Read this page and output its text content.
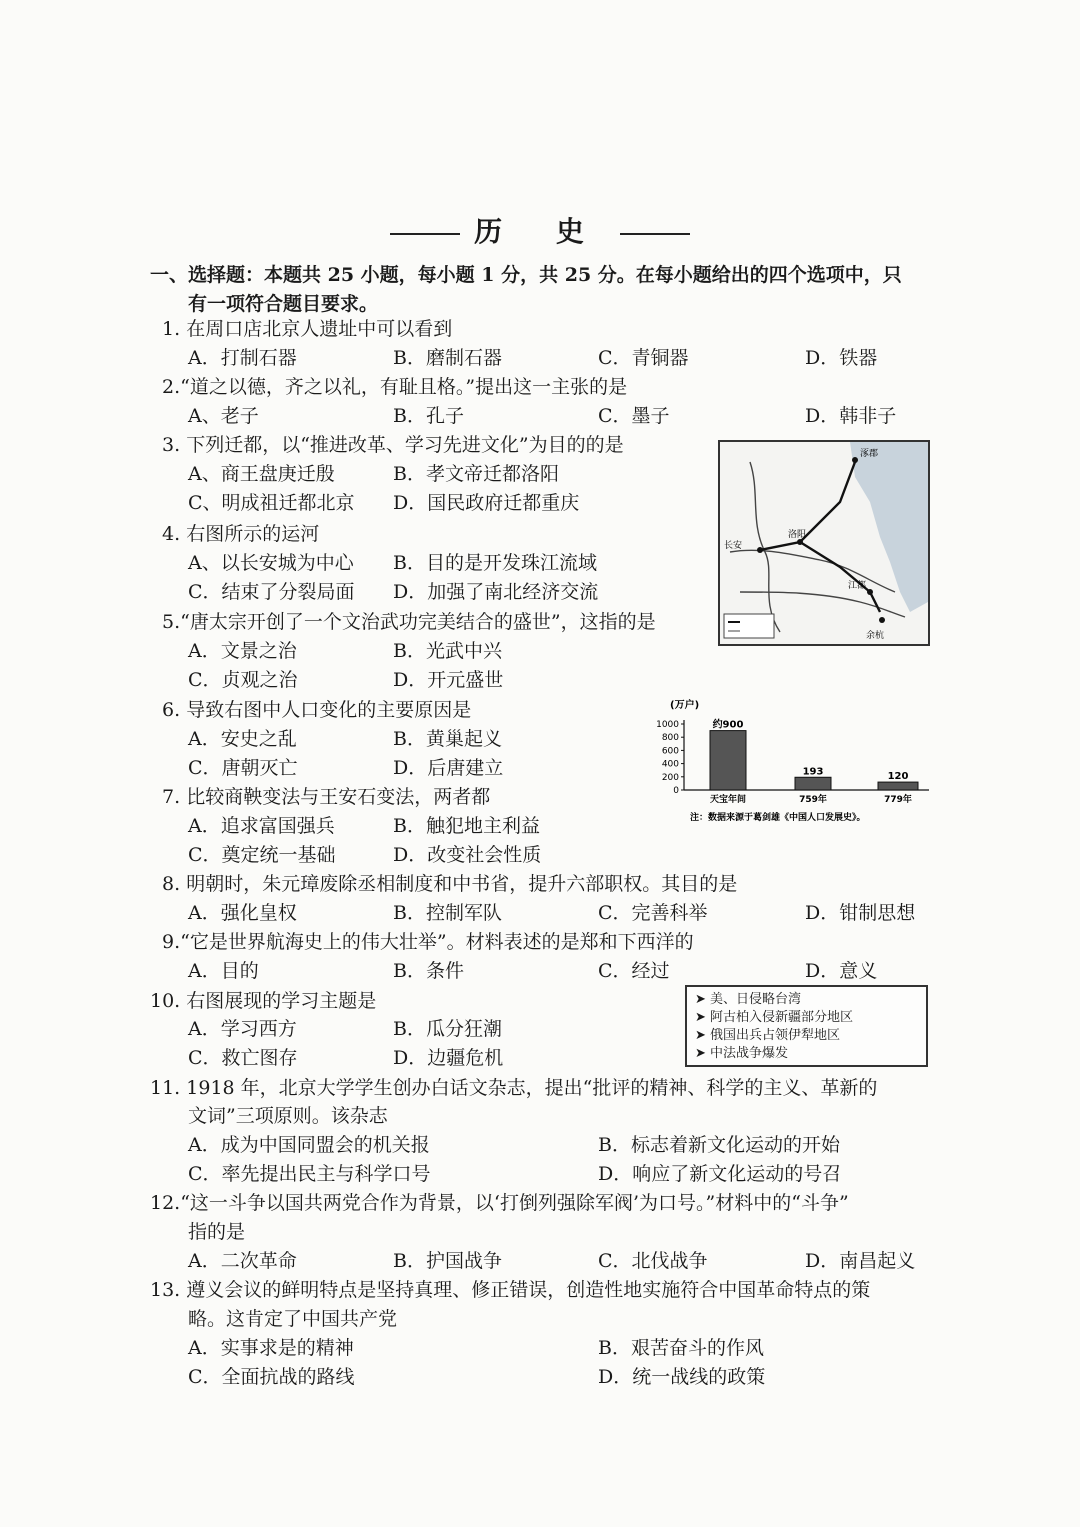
历 史
一、选择题：本题共 25 小题，每小题 1 分，共 25 分。在每小题给出的四个选项中，只
有一项符合题目要求。
1. 在周口店北京人遗址中可以看到
A．打制石器	B．磨制石器	C．青铜器	D．铁器
2.“道之以德，齐之以礼，有耻且格。”提出这一主张的是
A、老子	B．孔子	C．墨子	D．韩非子
3. 下列迁都，以“推进改革、学习先进文化”为目的的是
A、商王盘庚迁殷	B．孝文帝迁都洛阳
C、明成祖迁都北京 D．国民政府迁都重庆
4. 右图所示的运河
A、以长安城为中心 B．目的是开发珠江流域
C．结束了分裂局面 D．加强了南北经济交流
5.“唐太宗开创了一个文治武功完美结合的盛世”，这指的是
A．文景之治	B．光武中兴
C．贞观之治	D．开元盛世
6. 导致右图中人口变化的主要原因是
A．安史之乱	B．黄巢起义
C．唐朝灭亡	D．后唐建立
7. 比较商鞅变法与王安石变法，两者都
A．追求富国强兵	B．触犯地主利益
C．奠定统一基础	D．改变社会性质
8. 明朝时，朱元璋废除丞相制度和中书省，提升六部职权。其目的是
A．强化皇权	B．控制军队	C．完善科举	D．钳制思想
9.“它是世界航海史上的伟大壮举”。材料表述的是郑和下西洋的
A．目的	B．条件	C．经过	D．意义
10. 右图展现的学习主题是
A．学习西方	B．瓜分狂潮
C．救亡图存	D．边疆危机
11. 1918 年，北京大学学生创办白话文杂志，提出“批评的精神、科学的主义、革新的
文词”三项原则。该杂志
A．成为中国同盟会的机关报	B．标志着新文化运动的开始
C．率先提出民主与科学口号	D．响应了新文化运动的号召
12.“这一斗争以国共两党合作为背景，以‘打倒列强除军阀’为口号。”材料中的“斗争”
指的是
A．二次革命	B．护国战争	C．北伐战争	D．南昌起义
13. 遵义会议的鲜明特点是坚持真理、修正错误，创造性地实施符合中国革命特点的策
略。这肯定了中国共产党
A．实事求是的精神	B．艰苦奋斗的作风
C．全面抗战的路线	D．统一战线的政策
涿郡
洛阳
长安
江都
余杭
(万户)
0
200
400
600
800
1000	约900
天宝年间
193
759年
120
779年
注：数据来源于葛剑雄《中国人口发展史》。
➤ 美、日侵略台湾
➤ 阿古柏入侵新疆部分地区
➤ 俄国出兵占领伊犁地区
➤ 中法战争爆发
